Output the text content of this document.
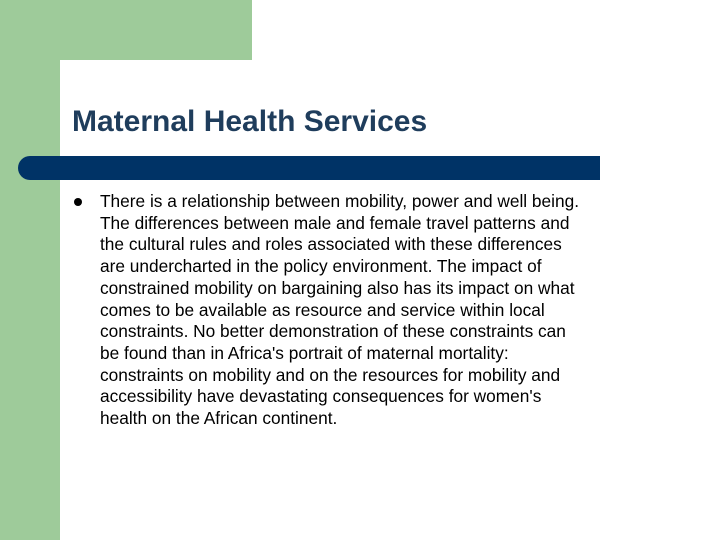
Maternal Health Services
There is a relationship between mobility, power and well being.
The differences between male and female travel patterns and
the cultural rules and roles associated with these differences
are undercharted in the policy environment. The impact of
constrained mobility on bargaining also has its impact on what
comes to be available as resource and service within local
constraints. No better demonstration of these constraints can
be found than in Africa's portrait of maternal mortality:
constraints on mobility and on the resources for mobility and
accessibility have devastating consequences for women's
health on the African continent.
